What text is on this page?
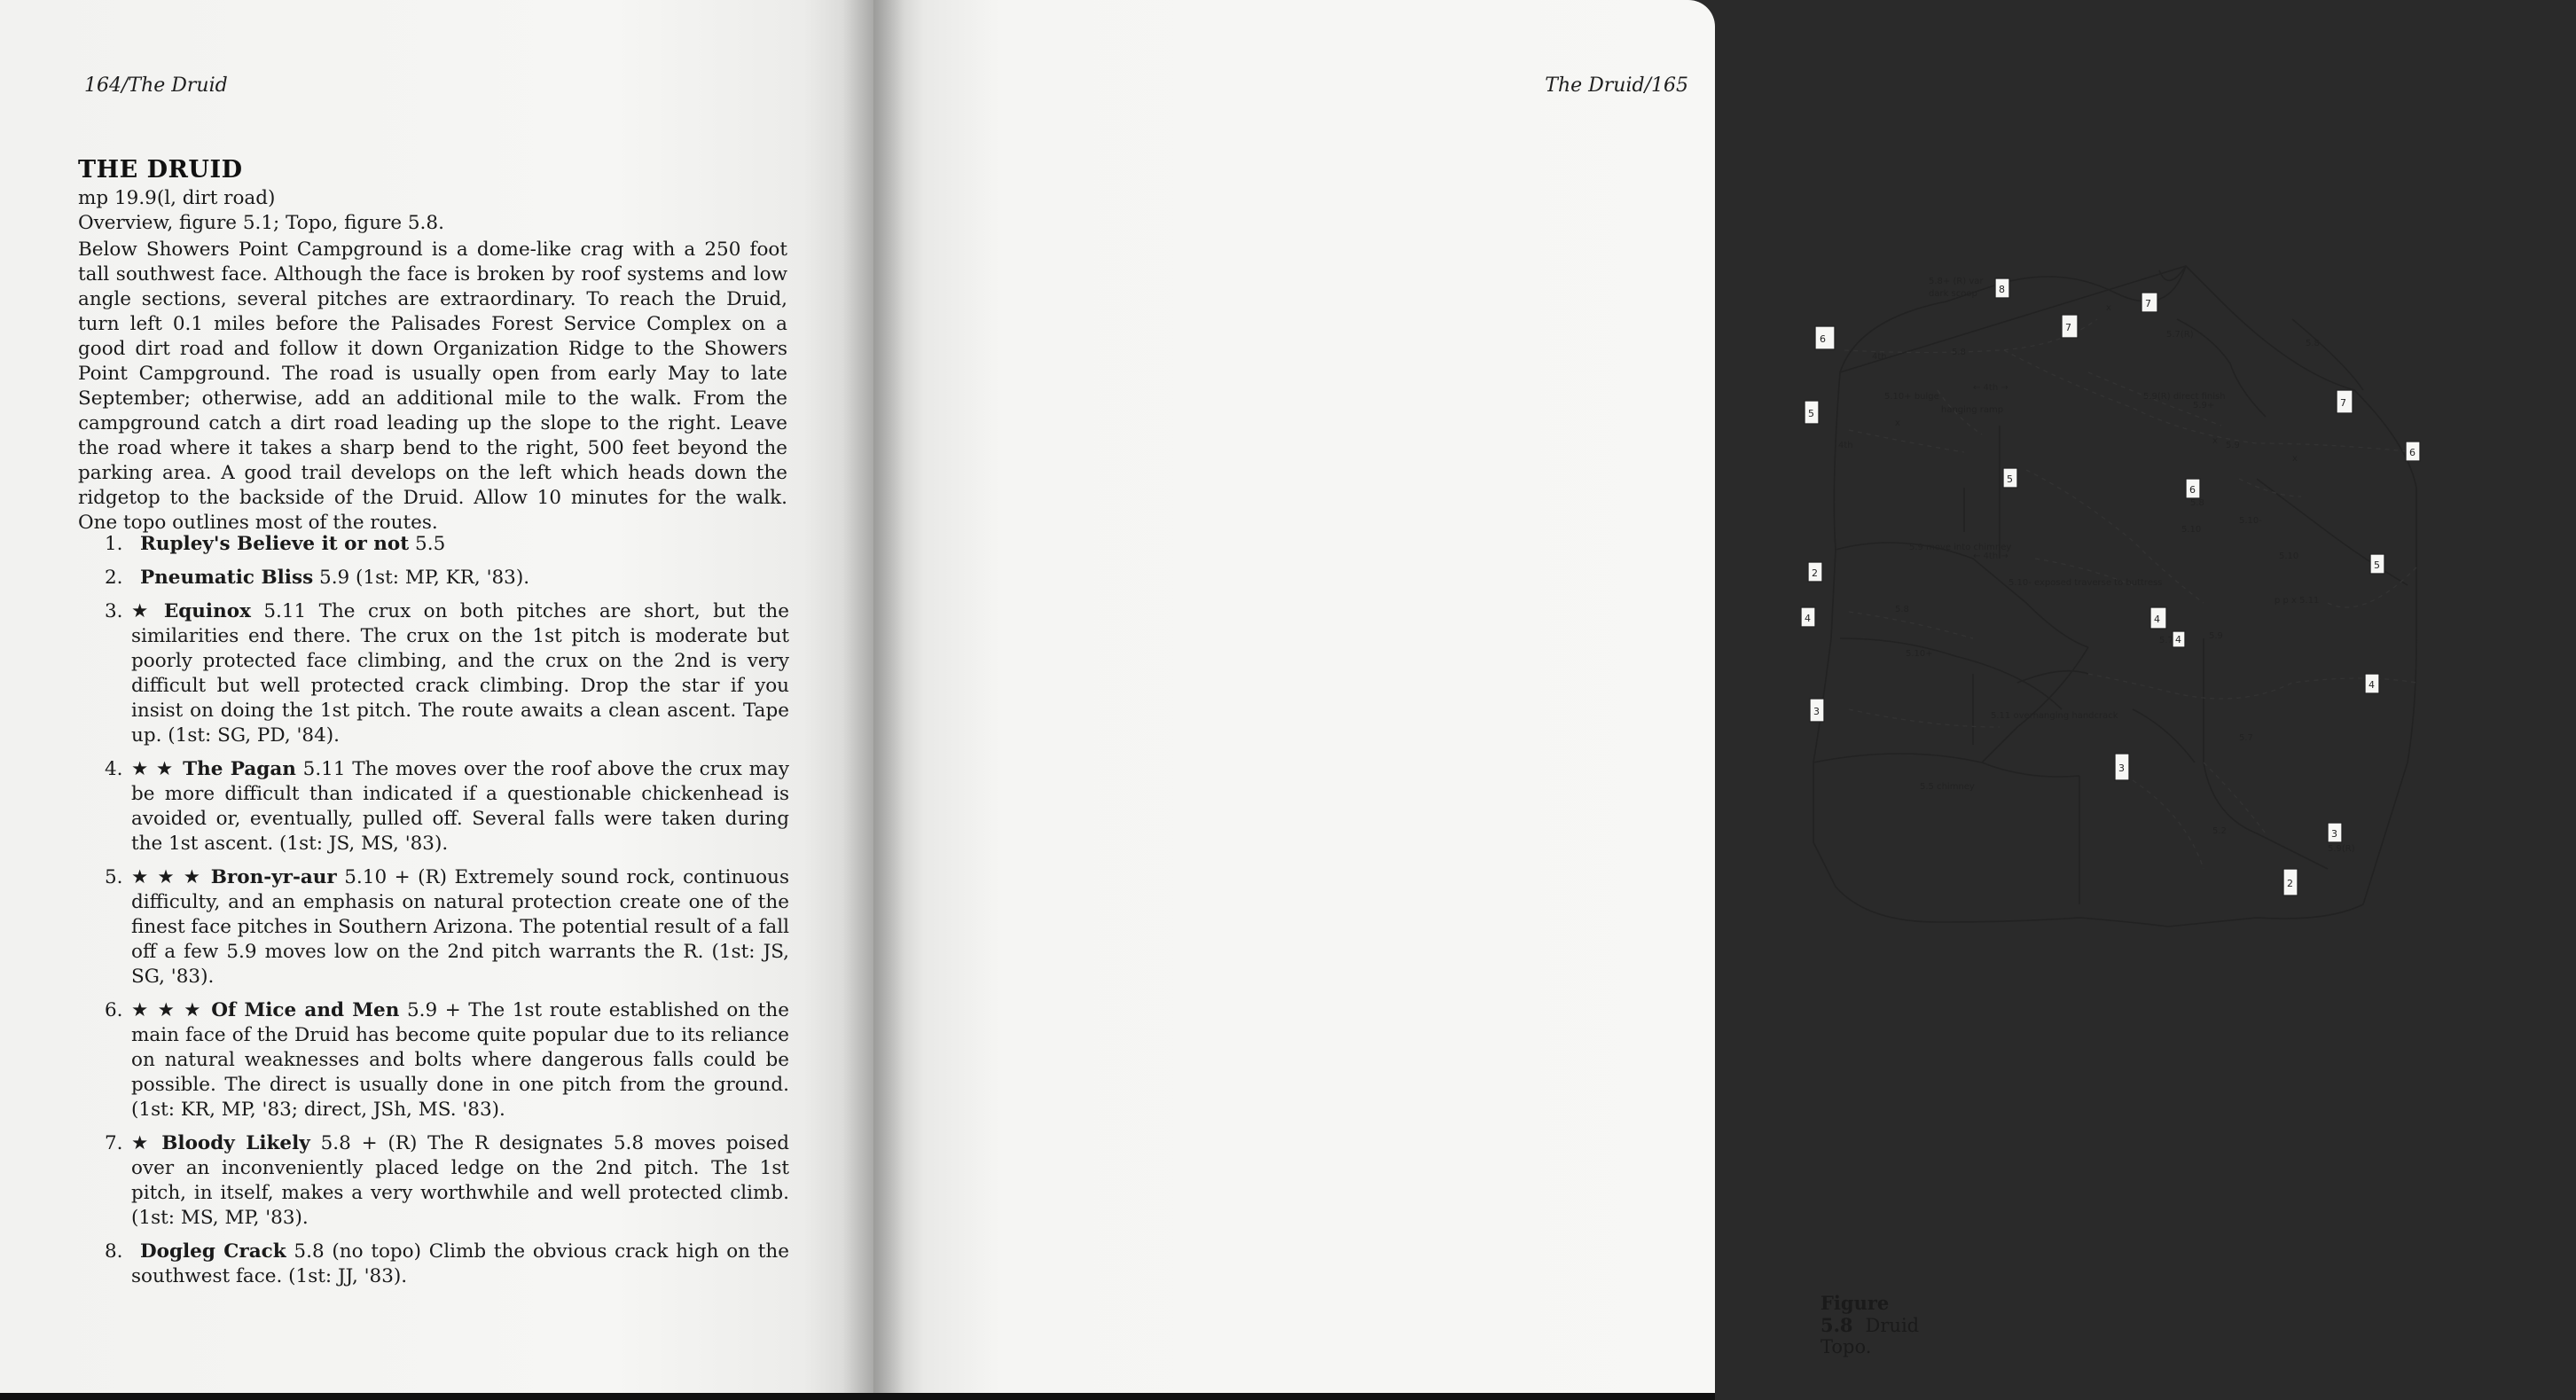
164/The Druid
THE DRUID
mp 19.9(l, dirt road)
Overview, figure 5.1; Topo, figure 5.8.
Below Showers Point Campground is a dome-like crag with a 250 foot tall southwest face. Although the face is broken by roof systems and low angle sections, several pitches are extraordinary. To reach the Druid, turn left 0.1 miles before the Palisades Forest Service Complex on a good dirt road and follow it down Organization Ridge to the Showers Point Campground. The road is usually open from early May to late September; otherwise, add an additional mile to the walk. From the campground catch a dirt road leading up the slope to the right. Leave the road where it takes a sharp bend to the right, 500 feet beyond the parking area. A good trail develops on the left which heads down the ridgetop to the backside of the Druid. Allow 10 minutes for the walk. One topo outlines most of the routes.
1. Rupley's Believe it or not 5.5
2. Pneumatic Bliss 5.9 (1st: MP, KR, '83).
3. ★ Equinox 5.11 The crux on both pitches are short, but the similarities end there. The crux on the 1st pitch is moderate but poorly protected face climbing, and the crux on the 2nd is very difficult but well protected crack climbing. Drop the star if you insist on doing the 1st pitch. The route awaits a clean ascent. Tape up. (1st: SG, PD, '84).
4. ★ ★ The Pagan 5.11 The moves over the roof above the crux may be more difficult than indicated if a questionable chickenhead is avoided or, eventually, pulled off. Several falls were taken during the 1st ascent. (1st: JS, MS, '83).
5. ★ ★ ★ Bron-yr-aur 5.10 + (R) Extremely sound rock, continuous difficulty, and an emphasis on natural protection create one of the finest face pitches in Southern Arizona. The potential result of a fall off a few 5.9 moves low on the 2nd pitch warrants the R. (1st: JS, SG, '83).
6. ★ ★ ★ Of Mice and Men 5.9 + The 1st route established on the main face of the Druid has become quite popular due to its reliance on natural weaknesses and bolts where dangerous falls could be possible. The direct is usually done in one pitch from the ground. (1st: KR, MP, '83; direct, JSh, MS. '83).
7. ★ Bloody Likely 5.8 + (R) The R designates 5.8 moves poised over an inconveniently placed ledge on the 2nd pitch. The 1st pitch, in itself, makes a very worthwhile and well protected climb. (1st: MS, MP, '83).
8. Dogleg Crack 5.8 (no topo) Climb the obvious crack high on the southwest face. (1st: JJ, '83).
The Druid/165
6
5
2
4
3
8
7
7
5
6
4
4
3
7
6
5
4
3
2
4th
5.10+ bulge
x
5.8+ (R) var
dark scoop
4th	5.8
← 4th →
hanging ramp
← 4th →
5.9 move into chimney
5.10- exposed traverse to buttress
5.8
5.10+
5.11 overhanging handcrack
5.5 chimney
5.7(R)
5.8
5.9(R) direct finish
5.9+
5.9
5.10
5.10-
5.10
p p x 5.11
5.7
5.7
5.2
5.9(R)
x
x
x
5.8
5.9
Figure 5.8 Druid Topo.
